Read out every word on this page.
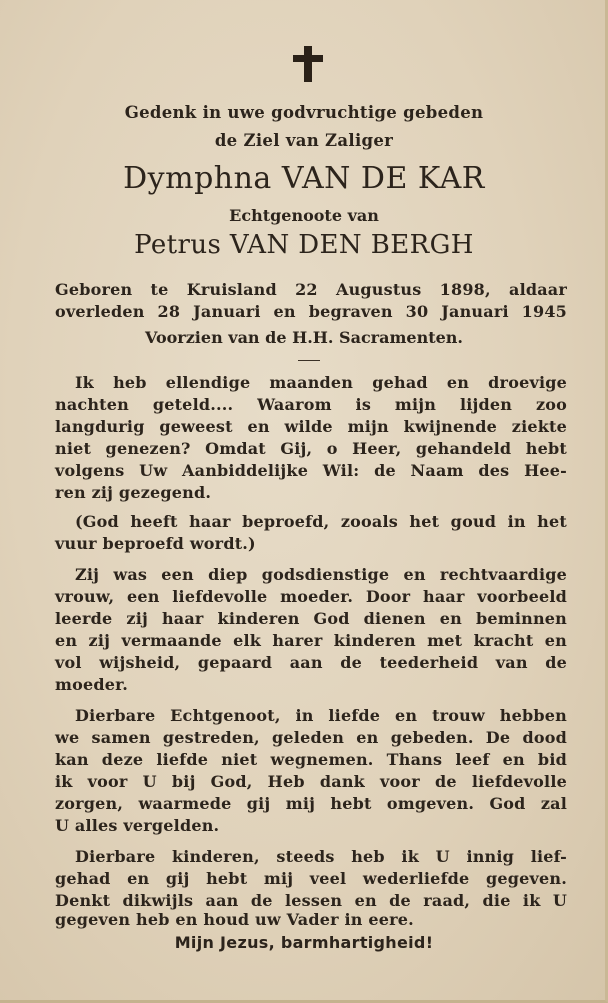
Gedenk in uwe godvruchtige gebeden
de Ziel van Zaliger
Dymphna VAN DE KAR
Echtgenoote van
Petrus VAN DEN BERGH
Geboren te Kruisland 22 Augustus 1898, aldaar
overleden 28 Januari en begraven 30 Januari 1945
Voorzien van de H.H. Sacramenten.
Ik heb ellendige maanden gehad en droevige
nachten geteld.... Waarom is mijn lijden zoo
langdurig geweest en wilde mijn kwijnende ziekte
niet genezen? Omdat Gij, o Heer, gehandeld hebt
volgens Uw Aanbiddelijke Wil: de Naam des Hee-
ren zij gezegend.
(God heeft haar beproefd, zooals het goud in het
vuur beproefd wordt.)
Zij was een diep godsdienstige en rechtvaardige
vrouw, een liefdevolle moeder. Door haar voorbeeld
leerde zij haar kinderen God dienen en beminnen
en zij vermaande elk harer kinderen met kracht en
vol wijsheid, gepaard aan de teederheid van de
moeder.
Dierbare Echtgenoot, in liefde en trouw hebben
we samen gestreden, geleden en gebeden. De dood
kan deze liefde niet wegnemen. Thans leef en bid
ik voor U bij God, Heb dank voor de liefdevolle
zorgen, waarmede gij mij hebt omgeven. God zal
U alles vergelden.
Dierbare kinderen, steeds heb ik U innig lief-
gehad en gij hebt mij veel wederliefde gegeven.
Denkt dikwijls aan de lessen en de raad, die ik U
gegeven heb en houd uw Vader in eere.
Mijn Jezus, barmhartigheid!
